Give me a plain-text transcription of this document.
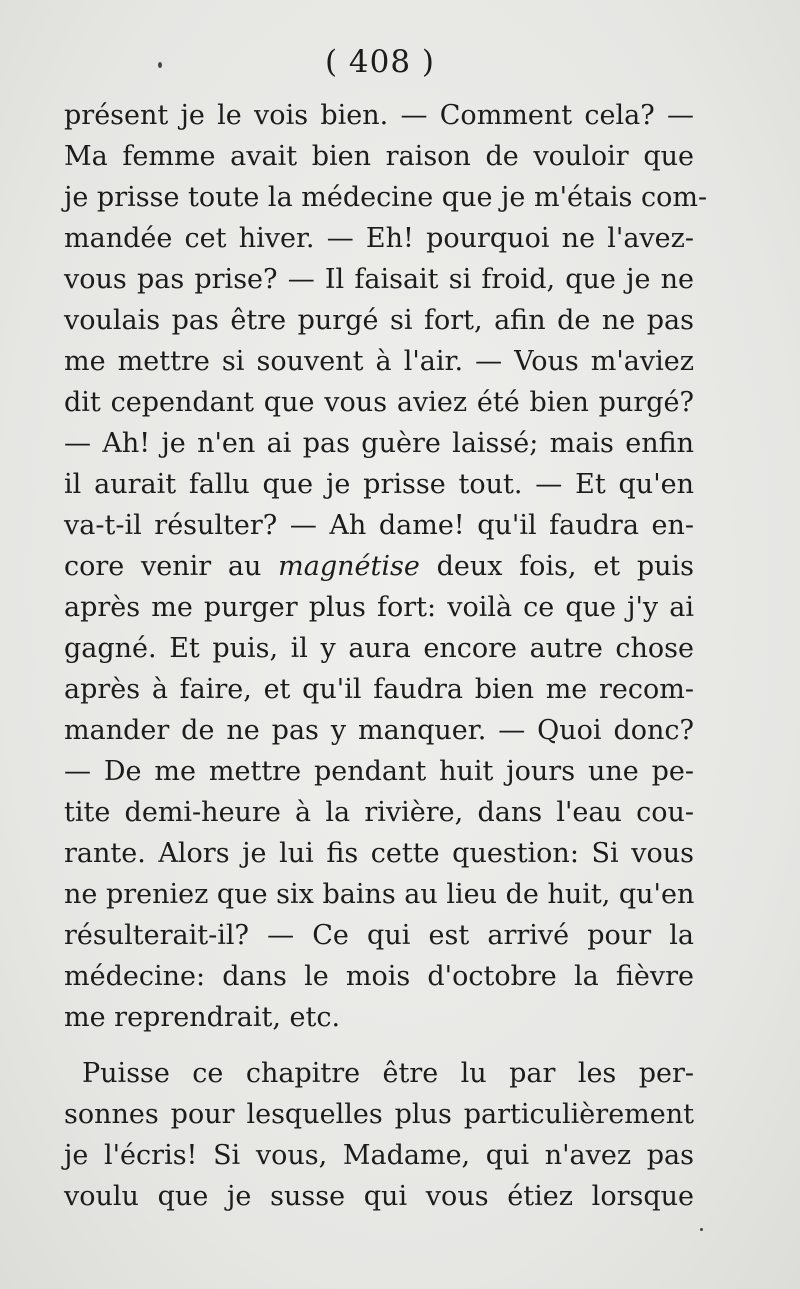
( 408 )
présent je le vois bien. — Comment cela? —
Ma femme avait bien raison de vouloir que
je prisse toute la médecine que je m'étais com-
mandée cet hiver. — Eh! pourquoi ne l'avez-
vous pas prise? — Il faisait si froid, que je ne
voulais pas être purgé si fort, afin de ne pas
me mettre si souvent à l'air. — Vous m'aviez
dit cependant que vous aviez été bien purgé?
— Ah! je n'en ai pas guère laissé; mais enfin
il aurait fallu que je prisse tout. — Et qu'en
va-t-il résulter? — Ah dame! qu'il faudra en-
core venir au magnétise deux fois, et puis
après me purger plus fort: voilà ce que j'y ai
gagné. Et puis, il y aura encore autre chose
après à faire, et qu'il faudra bien me recom-
mander de ne pas y manquer. — Quoi donc?
— De me mettre pendant huit jours une pe-
tite demi-heure à la rivière, dans l'eau cou-
rante. Alors je lui fis cette question: Si vous
ne preniez que six bains au lieu de huit, qu'en
résulterait-il? — Ce qui est arrivé pour la
médecine: dans le mois d'octobre la fièvre
me reprendrait, etc.
Puisse ce chapitre être lu par les per-
sonnes pour lesquelles plus particulièrement
je l'écris! Si vous, Madame, qui n'avez pas
voulu que je susse qui vous étiez lorsque
